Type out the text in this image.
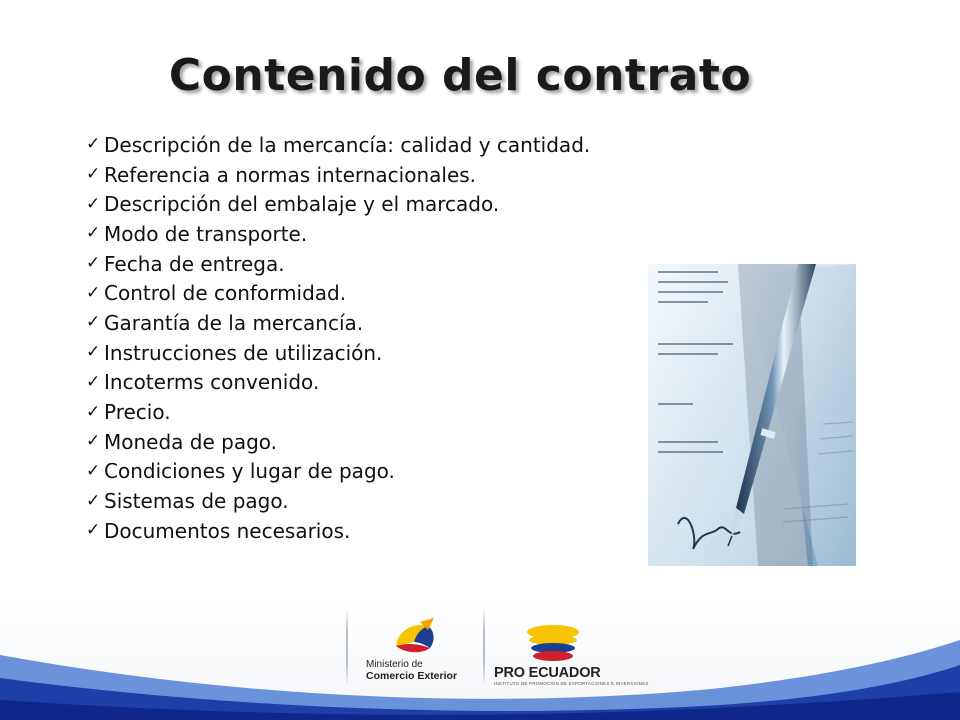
Contenido del contrato
✓ Descripción de la mercancía: calidad y cantidad.
✓ Referencia a normas internacionales.
✓ Descripción del embalaje y el marcado.
✓ Modo de transporte.
✓ Fecha de entrega.
✓ Control de conformidad.
✓ Garantía de la mercancía.
✓ Instrucciones de utilización.
✓ Incoterms convenido.
✓ Precio.
✓ Moneda de pago.
✓ Condiciones y lugar de pago.
✓ Sistemas de pago.
✓ Documentos necesarios.
Ministerio de
Comercio Exterior	PRO ECUADOR
INSTITUTO DE PROMOCIÓN DE EXPORTACIONES E INVERSIONES
